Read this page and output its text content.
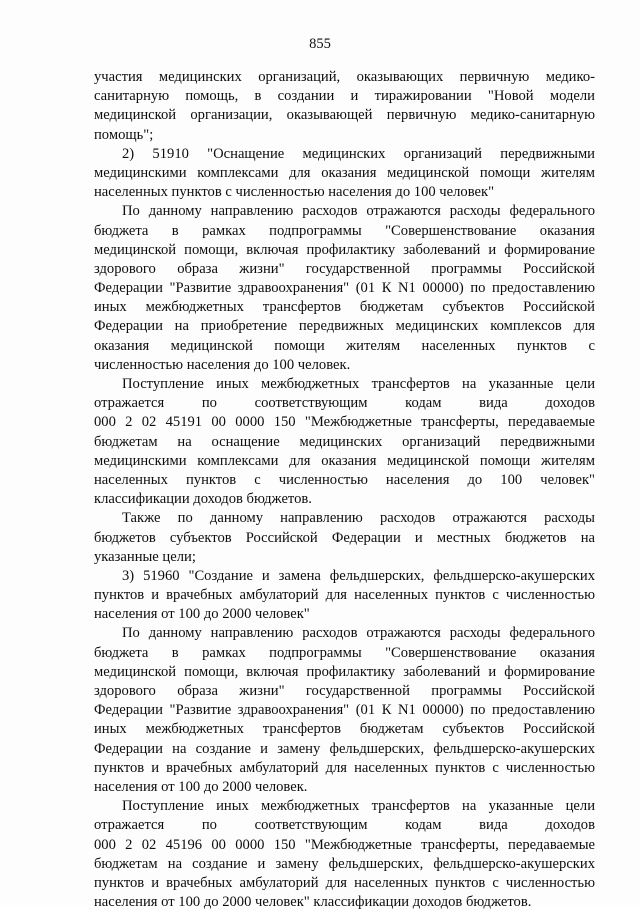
855
участия медицинских организаций, оказывающих первичную медико-
санитарную помощь, в создании и тиражировании "Новой модели
медицинской организации, оказывающей первичную медико-санитарную
помощь";
2) 51910 "Оснащение медицинских организаций передвижными
медицинскими комплексами для оказания медицинской помощи жителям
населенных пунктов с численностью населения до 100 человек"
По данному направлению расходов отражаются расходы федерального
бюджета в рамках подпрограммы "Совершенствование оказания
медицинской помощи, включая профилактику заболеваний и формирование
здорового образа жизни" государственной программы Российской
Федерации "Развитие здравоохранения" (01 К N1 00000) по предоставлению
иных межбюджетных трансфертов бюджетам субъектов Российской
Федерации на приобретение передвижных медицинских комплексов для
оказания медицинской помощи жителям населенных пунктов с
численностью населения до 100 человек.
Поступление иных межбюджетных трансфертов на указанные цели
отражается по соответствующим кодам вида доходов
000 2 02 45191 00 0000 150 "Межбюджетные трансферты, передаваемые
бюджетам на оснащение медицинских организаций передвижными
медицинскими комплексами для оказания медицинской помощи жителям
населенных пунктов с численностью населения до 100 человек"
классификации доходов бюджетов.
Также по данному направлению расходов отражаются расходы
бюджетов субъектов Российской Федерации и местных бюджетов на
указанные цели;
3) 51960 "Создание и замена фельдшерских, фельдшерско-акушерских
пунктов и врачебных амбулаторий для населенных пунктов с численностью
населения от 100 до 2000 человек"
По данному направлению расходов отражаются расходы федерального
бюджета в рамках подпрограммы "Совершенствование оказания
медицинской помощи, включая профилактику заболеваний и формирование
здорового образа жизни" государственной программы Российской
Федерации "Развитие здравоохранения" (01 К N1 00000) по предоставлению
иных межбюджетных трансфертов бюджетам субъектов Российской
Федерации на создание и замену фельдшерских, фельдшерско-акушерских
пунктов и врачебных амбулаторий для населенных пунктов с численностью
населения от 100 до 2000 человек.
Поступление иных межбюджетных трансфертов на указанные цели
отражается по соответствующим кодам вида доходов
000 2 02 45196 00 0000 150 "Межбюджетные трансферты, передаваемые
бюджетам на создание и замену фельдшерских, фельдшерско-акушерских
пунктов и врачебных амбулаторий для населенных пунктов с численностью
населения от 100 до 2000 человек" классификации доходов бюджетов.
